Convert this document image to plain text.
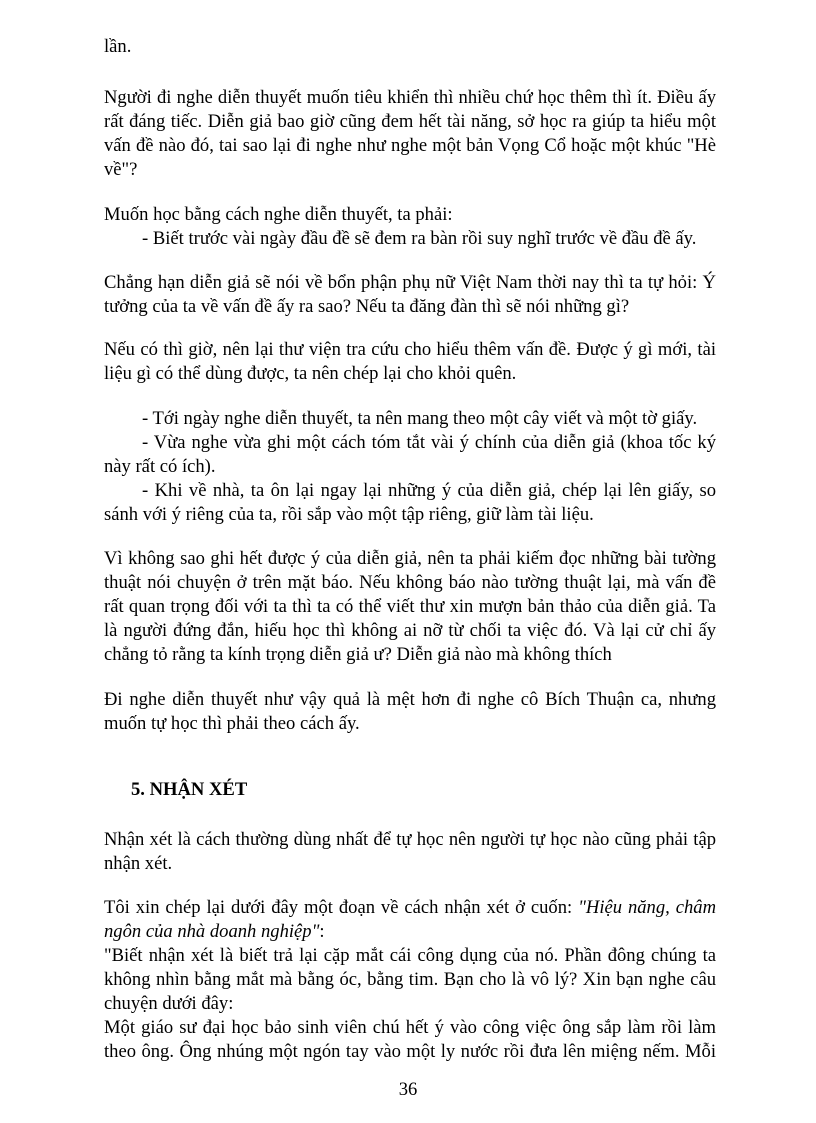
lần.
Người đi nghe diễn thuyết muốn tiêu khiển thì nhiều chứ học thêm thì ít. Điều ấy
rất đáng tiếc. Diễn giả bao giờ cũng đem hết tài năng, sở học ra giúp ta hiểu một
vấn đề nào đó, tai sao lại đi nghe như nghe một bản Vọng Cổ hoặc một khúc "Hè
về"?
Muốn học bằng cách nghe diễn thuyết, ta phải:
- Biết trước vài ngày đầu đề sẽ đem ra bàn rồi suy nghĩ trước về đầu đề ấy.
Chẳng hạn diễn giả sẽ nói về bổn phận phụ nữ Việt Nam thời nay thì ta tự hỏi: Ý
tưởng của ta về vấn đề ấy ra sao? Nếu ta đăng đàn thì sẽ nói những gì?
Nếu có thì giờ, nên lại thư viện tra cứu cho hiểu thêm vấn đề. Được ý gì mới, tài
liệu gì có thể dùng được, ta nên chép lại cho khỏi quên.
- Tới ngày nghe diễn thuyết, ta nên mang theo một cây viết và một tờ giấy.
- Vừa nghe vừa ghi một cách tóm tắt vài ý chính của diễn giả (khoa tốc ký
này rất có ích).
- Khi về nhà, ta ôn lại ngay lại những ý của diễn giả, chép lại lên giấy, so
sánh với ý riêng của ta, rồi sắp vào một tập riêng, giữ làm tài liệu.
Vì không sao ghi hết được ý của diễn giả, nên ta phải kiếm đọc những bài tường
thuật nói chuyện ở trên mặt báo. Nếu không báo nào tường thuật lại, mà vấn đề
rất quan trọng đối với ta thì ta có thể viết thư xin mượn bản thảo của diễn giả. Ta
là người đứng đắn, hiếu học thì không ai nỡ từ chối ta việc đó. Và lại cử chỉ ấy
chẳng tỏ rằng ta kính trọng diễn giả ư? Diễn giả nào mà không thích
Đi nghe diễn thuyết như vậy quả là mệt hơn đi nghe cô Bích Thuận ca, nhưng
muốn tự học thì phải theo cách ấy.
5. NHẬN XÉT
Nhận xét là cách thường dùng nhất để tự học nên người tự học nào cũng phải tập
nhận xét.
Tôi xin chép lại dưới đây một đoạn về cách nhận xét ở cuốn: "Hiệu năng, châm
ngôn của nhà doanh nghiệp":
"Biết nhận xét là biết trả lại cặp mắt cái công dụng của nó. Phần đông chúng ta
không nhìn bằng mắt mà bằng óc, bằng tim. Bạn cho là vô lý? Xin bạn nghe câu
chuyện dưới đây:
Một giáo sư đại học bảo sinh viên chú hết ý vào công việc ông sắp làm rồi làm
theo ông. Ông nhúng một ngón tay vào một ly nước rồi đưa lên miệng nếm. Mỗi
36
